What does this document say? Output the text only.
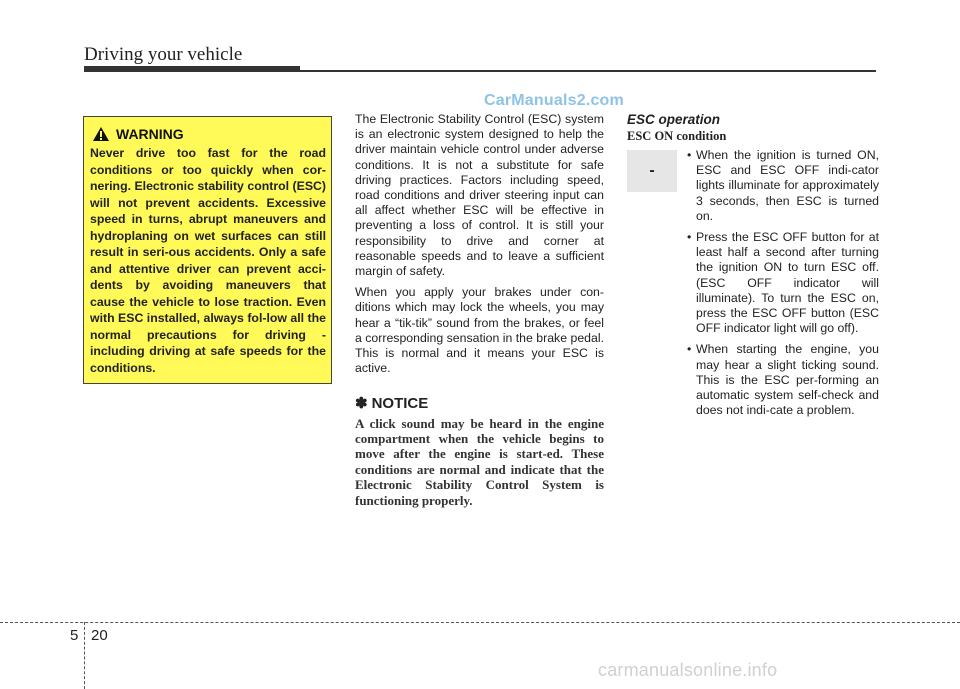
Driving your vehicle
CarManuals2.com
WARNING
Never drive too fast for the road conditions or too quickly when cor-nering. Electronic stability control (ESC) will not prevent accidents. Excessive speed in turns, abrupt maneuvers and hydroplaning on wet surfaces can still result in seri-ous accidents. Only a safe and attentive driver can prevent acci-dents by avoiding maneuvers that cause the vehicle to lose traction. Even with ESC installed, always fol-low all the normal precautions for driving - including driving at safe speeds for the conditions.

The Electronic Stability Control (ESC) system is an electronic system designed to help the driver maintain vehicle control under adverse conditions. It is not a substitute for safe driving practices. Factors including speed, road conditions and driver steering input can all affect whether ESC will be effective in preventing a loss of control. It is still your responsibility to drive and corner at reasonable speeds and to leave a sufficient margin of safety.

When you apply your brakes under con-ditions which may lock the wheels, you may hear a “tik-tik” sound from the brakes, or feel a corresponding sensation in the brake pedal. This is normal and it means your ESC is active.

✽ NOTICE

A click sound may be heard in the engine compartment when the vehicle begins to move after the engine is start-ed. These conditions are normal and indicate that the Electronic Stability Control System is functioning properly.

ESC operation
ESC ON condition
-
• When the ignition is turned ON, ESC and ESC OFF indi-cator lights illuminate for approximately 3 seconds, then ESC is turned on.
• Press the ESC OFF button for at least half a second after turning the ignition ON to turn ESC off. (ESC OFF indicator will illuminate). To turn the ESC on, press the ESC OFF button (ESC OFF indicator light will go off).
• When starting the engine, you may hear a slight ticking sound. This is the ESC per-forming an automatic system self-check and does not indi-cate a problem.
5 20
carmanualsonline.info
